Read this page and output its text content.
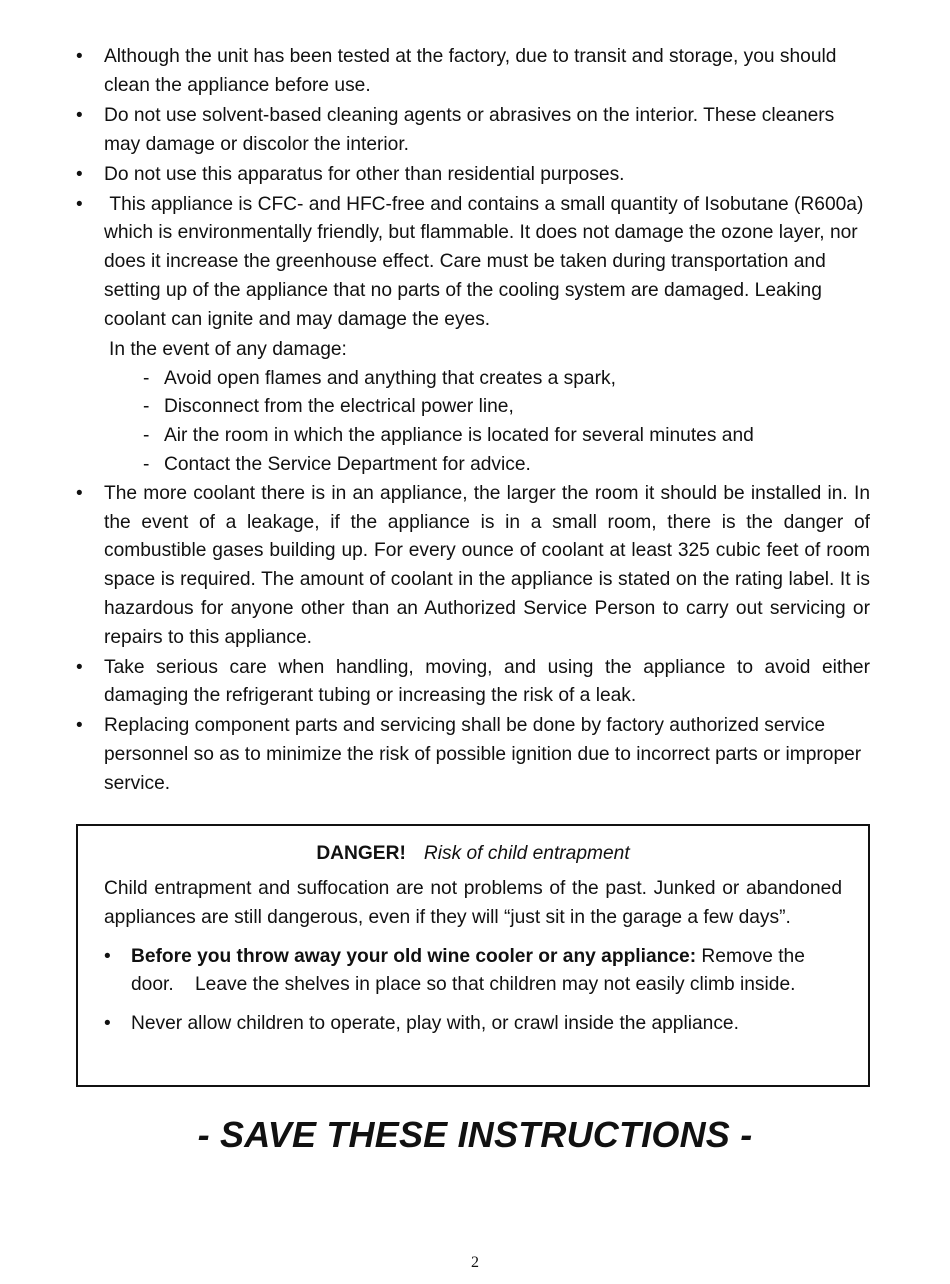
• Although the unit has been tested at the factory, due to transit and storage, you should clean the appliance before use.
• Do not use solvent-based cleaning agents or abrasives on the interior. These cleaners may damage or discolor the interior.
• Do not use this apparatus for other than residential purposes.
•  This appliance is CFC- and HFC-free and contains a small quantity of Isobutane (R600a) which is environmentally friendly, but flammable. It does not damage the ozone layer, nor does it increase the greenhouse effect. Care must be taken during transportation and setting up of the appliance that no parts of the cooling system are damaged. Leaking coolant can ignite and may damage the eyes.
In the event of any damage:
- Avoid open flames and anything that creates a spark,
- Disconnect from the electrical power line,
- Air the room in which the appliance is located for several minutes and
- Contact the Service Department for advice.
• The more coolant there is in an appliance, the larger the room it should be installed in. In the event of a leakage, if the appliance is in a small room, there is the danger of combustible gases building up. For every ounce of coolant at least 325 cubic feet of room space is required. The amount of coolant in the appliance is stated on the rating label. It is hazardous for anyone other than an Authorized Service Person to carry out servicing or repairs to this appliance.
• Take serious care when handling, moving, and using the appliance to avoid either damaging the refrigerant tubing or increasing the risk of a leak.
• Replacing component parts and servicing shall be done by factory authorized service personnel so as to minimize the risk of possible ignition due to incorrect parts or improper service.
DANGER! Risk of child entrapment
Child entrapment and suffocation are not problems of the past. Junked or abandoned appliances are still dangerous, even if they will “just sit in the garage a few days”.
• Before you throw away your old wine cooler or any appliance: Remove the door.    Leave the shelves in place so that children may not easily climb inside.
• Never allow children to operate, play with, or crawl inside the appliance.
- SAVE THESE INSTRUCTIONS -
2
